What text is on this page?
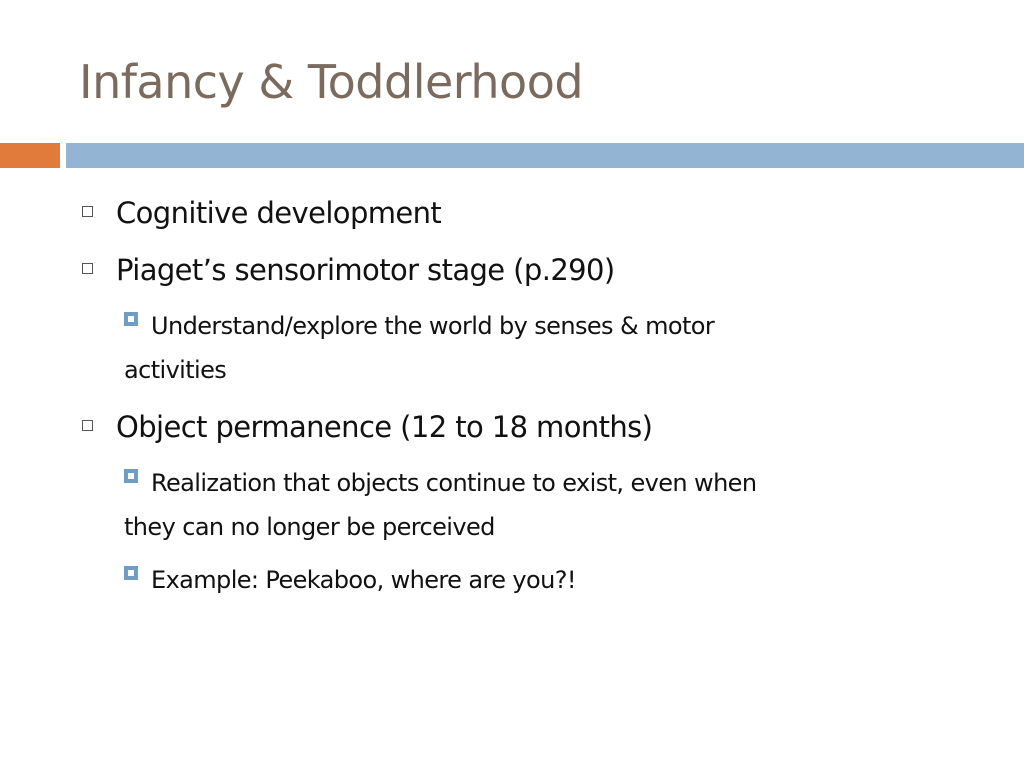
Infancy & Toddlerhood
Cognitive development
Piaget’s sensorimotor stage (p.290)
Understand/explore the world by senses & motor
activities
Object permanence (12 to 18 months)
Realization that objects continue to exist, even when
they can no longer be perceived
Example: Peekaboo, where are you?!
